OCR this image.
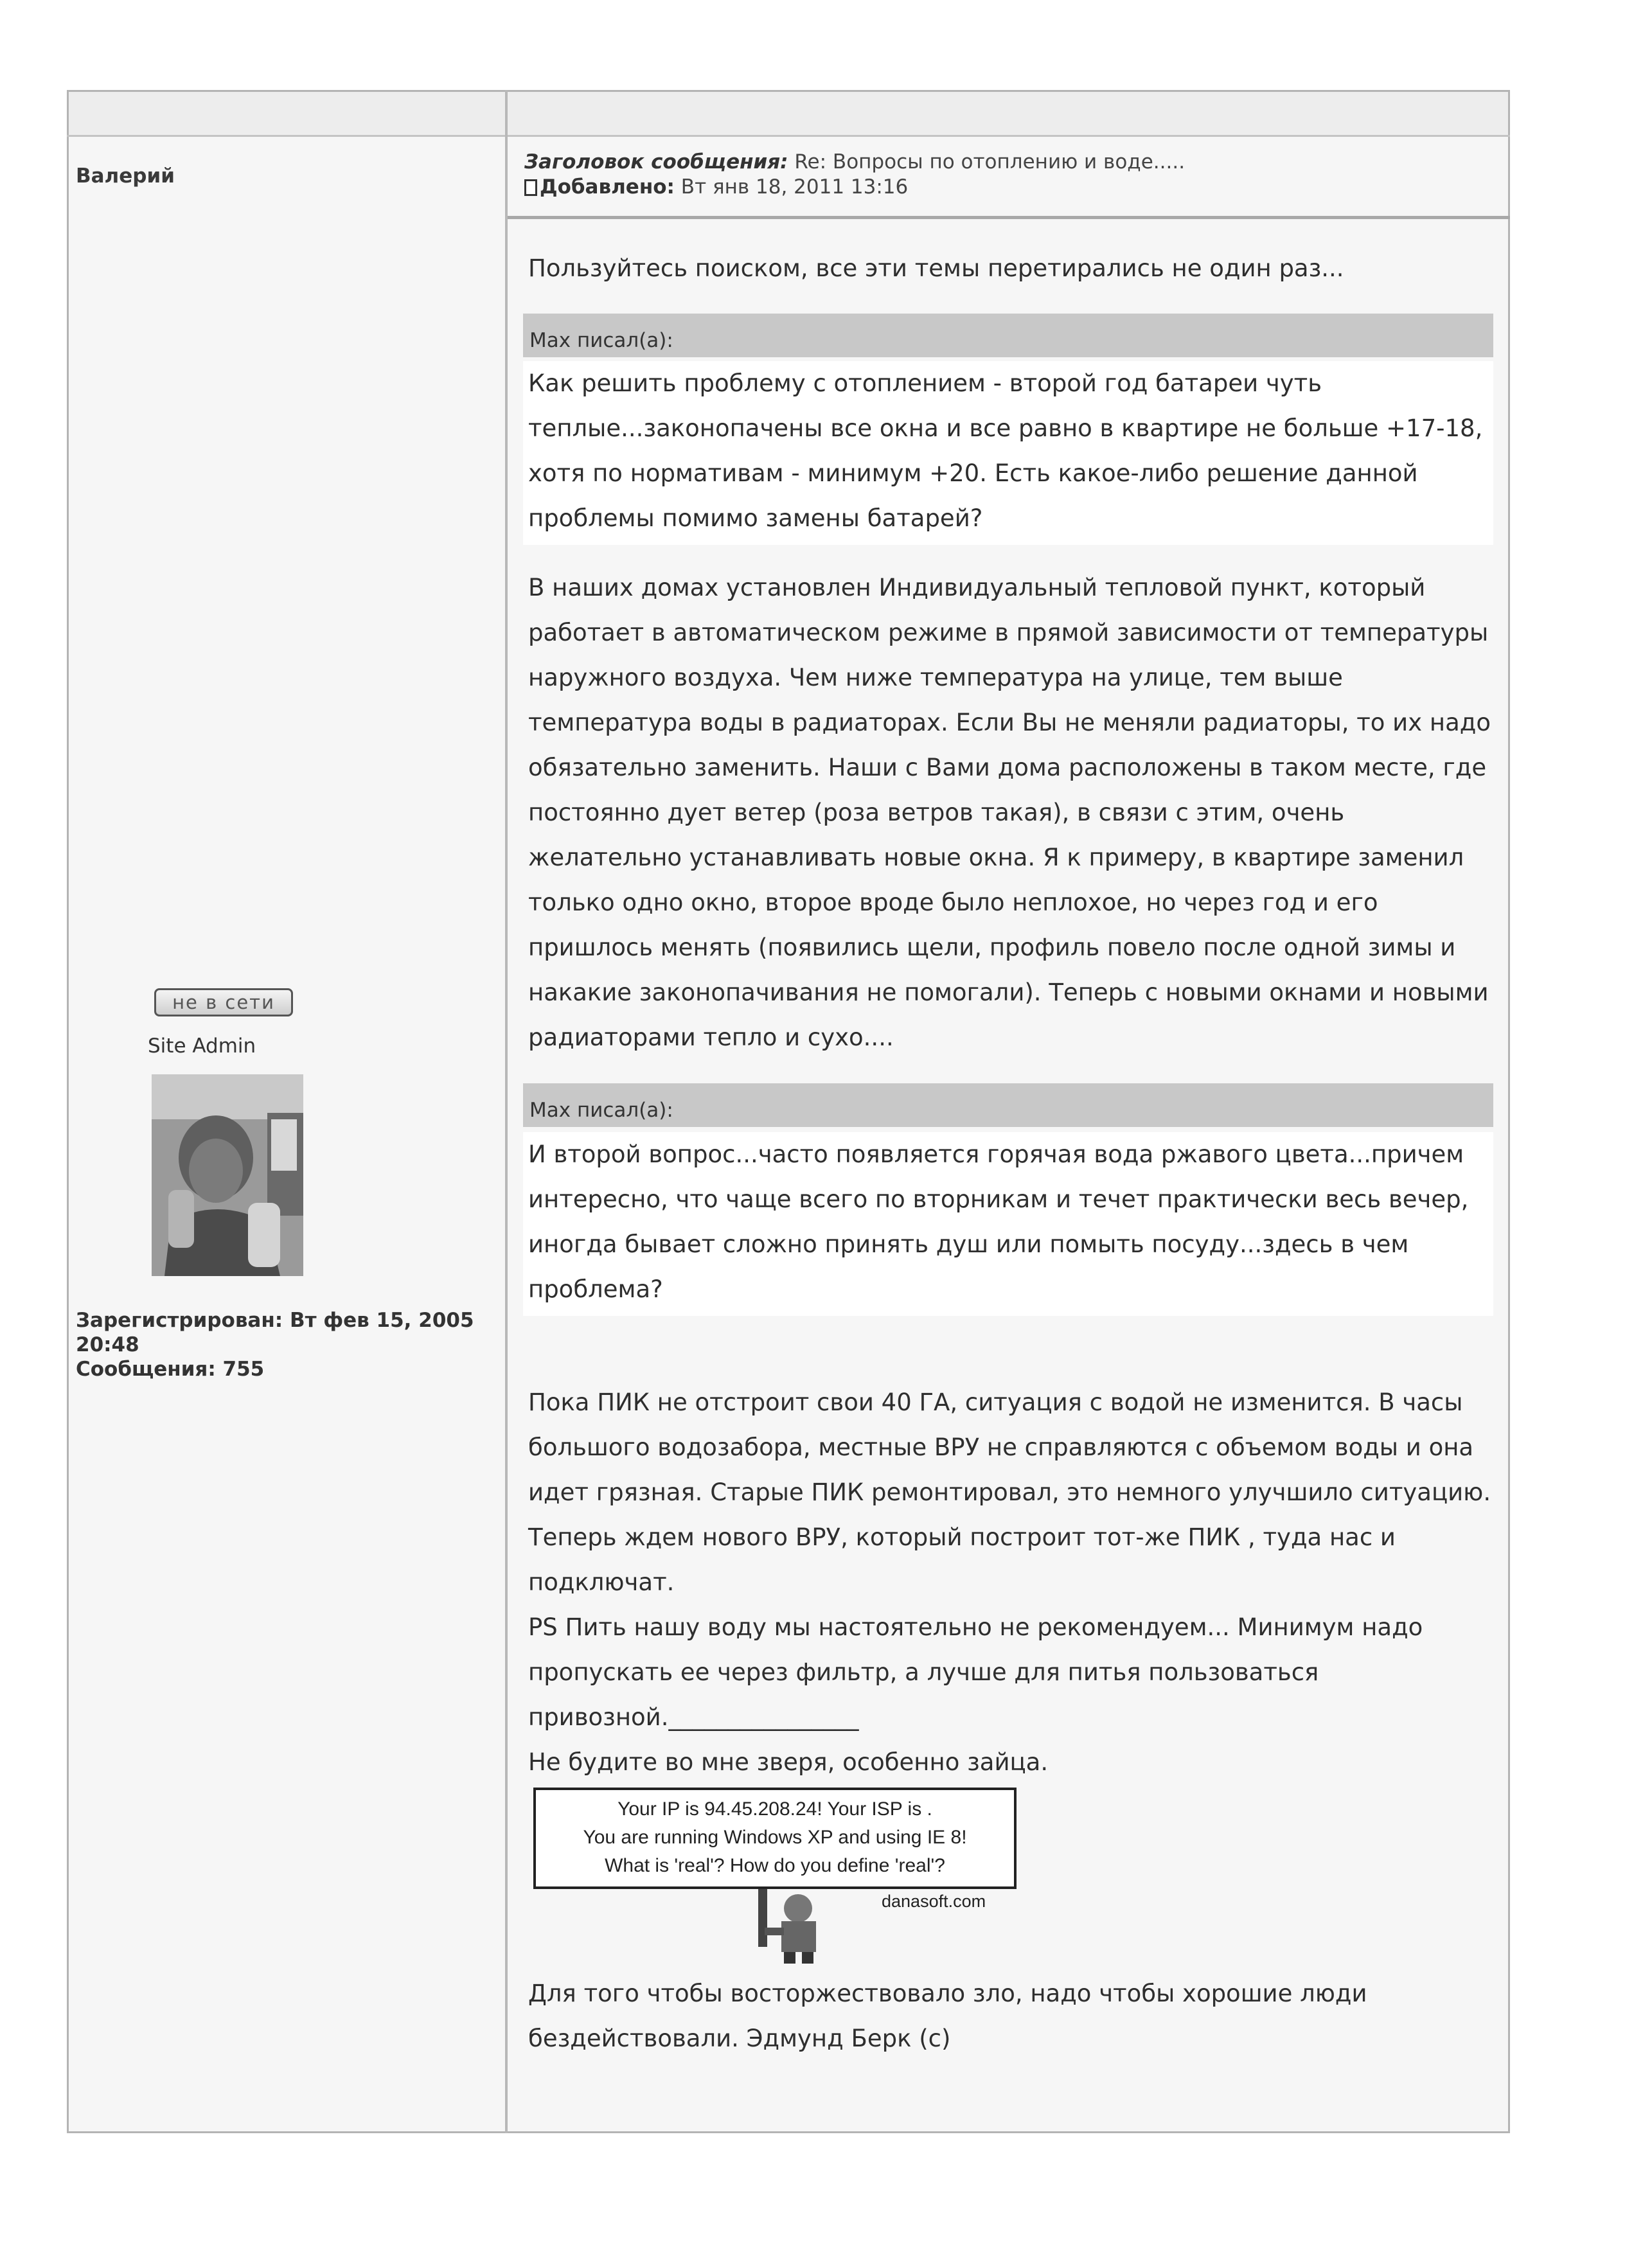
Валерий
не в сети
Site Admin
Зарегистрирован: Вт фев 15, 2005 20:48
Сообщения: 755
Заголовок сообщения: Re: Вопросы по отоплению и воде.....
Добавлено: Вт янв 18, 2011 13:16
Пользуйтесь поиском, все эти темы перетирались не один раз...
Max писал(а):
Как решить проблему с отоплением - второй год батареи чуть
теплые...законопачены все окна и все равно в квартире не больше +17-18,
хотя по нормативам - минимум +20. Есть какое-либо решение данной
проблемы помимо замены батарей?
В наших домах установлен Индивидуальный тепловой пункт, который
работает в автоматическом режиме в прямой зависимости от температуры
наружного воздуха. Чем ниже температура на улице, тем выше
температура воды в радиаторах. Если Вы не меняли радиаторы, то их надо
обязательно заменить. Наши с Вами дома расположены в таком месте, где
постоянно дует ветер (роза ветров такая), в связи с этим, очень
желательно устанавливать новые окна. Я к примеру, в квартире заменил
только одно окно, второе вроде было неплохое, но через год и его
пришлось менять (появились щели, профиль повело после одной зимы и
накакие законопачивания не помогали). Теперь с новыми окнами и новыми
радиаторами тепло и сухо....
Max писал(а):
И второй вопрос...часто появляется горячая вода ржавого цвета...причем
интересно, что чаще всего по вторникам и течет практически весь вечер,
иногда бывает сложно принять душ или помыть посуду...здесь в чем
проблема?
Пока ПИК не отстроит свои 40 ГА, ситуация с водой не изменится. В часы
большого водозабора, местные ВРУ не справляются с объемом воды и она
идет грязная. Старые ПИК ремонтировал, это немного улучшило ситуацию.
Теперь ждем нового ВРУ, который построит тот-же ПИК , туда нас и
подключат.
PS Пить нашу воду мы настоятельно не рекомендуем... Минимум надо
пропускать ее через фильтр, а лучше для питья пользоваться
привозной.________________
Не будите во мне зверя, особенно зайца.
Your IP is 94.45.208.24! Your ISP is .
You are running Windows XP and using IE 8!
What is 'real'? How do you define 'real'?
danasoft.com
Для того чтобы восторжествовало зло, надо чтобы хорошие люди
бездействовали. Эдмунд Берк (с)
